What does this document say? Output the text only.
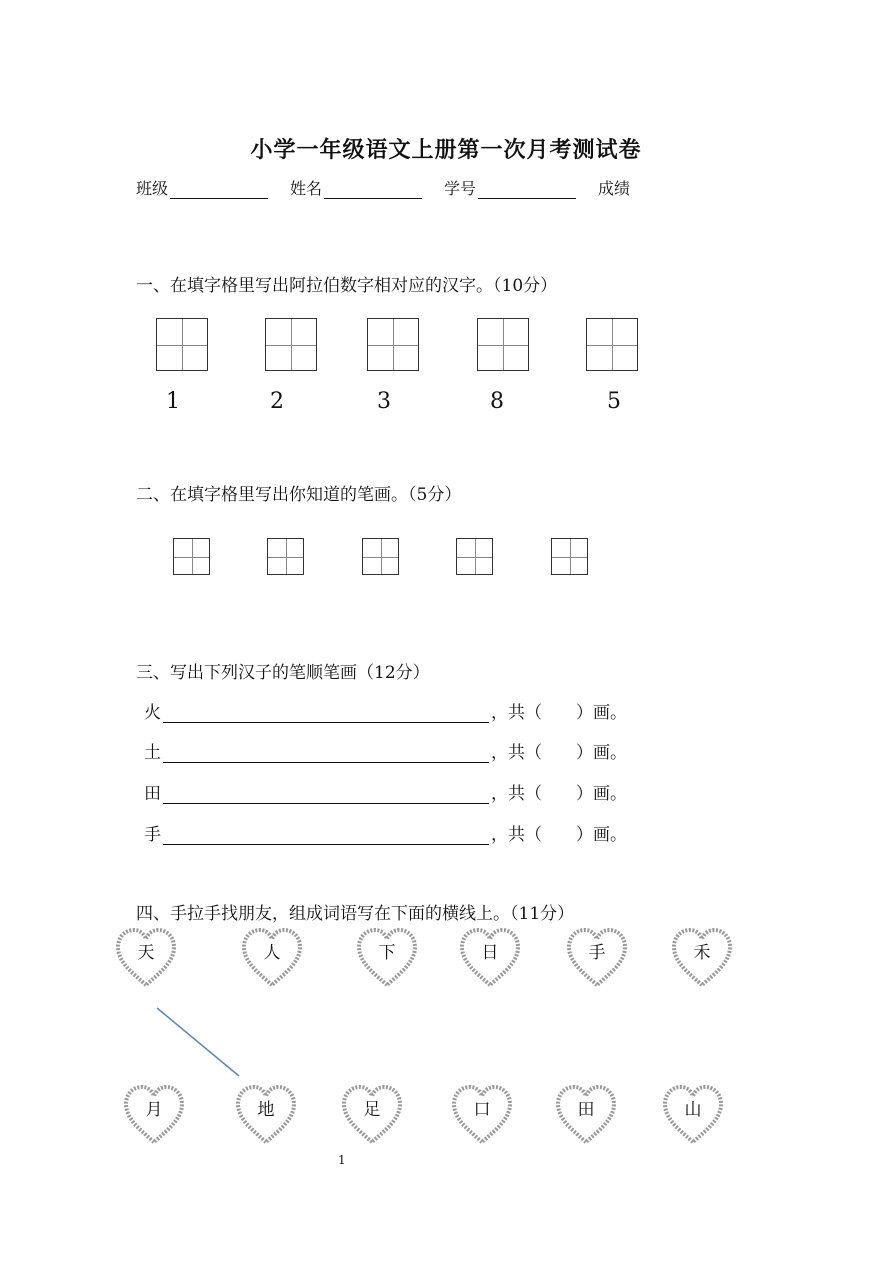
小学一年级语文上册第一次月考测试卷
班级	姓名	学号	成绩
一、在填字格里写出阿拉伯数字相对应的汉字。（10分）
1	2	3	8	5
二、在填字格里写出你知道的笔画。（5分）
三、写出下列汉子的笔顺笔画（12分）
火	，共（　　）画。
土	，共（　　）画。
田	，共（　　）画。
手	，共（　　）画。
四、手拉手找朋友，组成词语写在下面的横线上。（11分）
天	人	下	日	手	禾
月	地	足	口	田	山
1
